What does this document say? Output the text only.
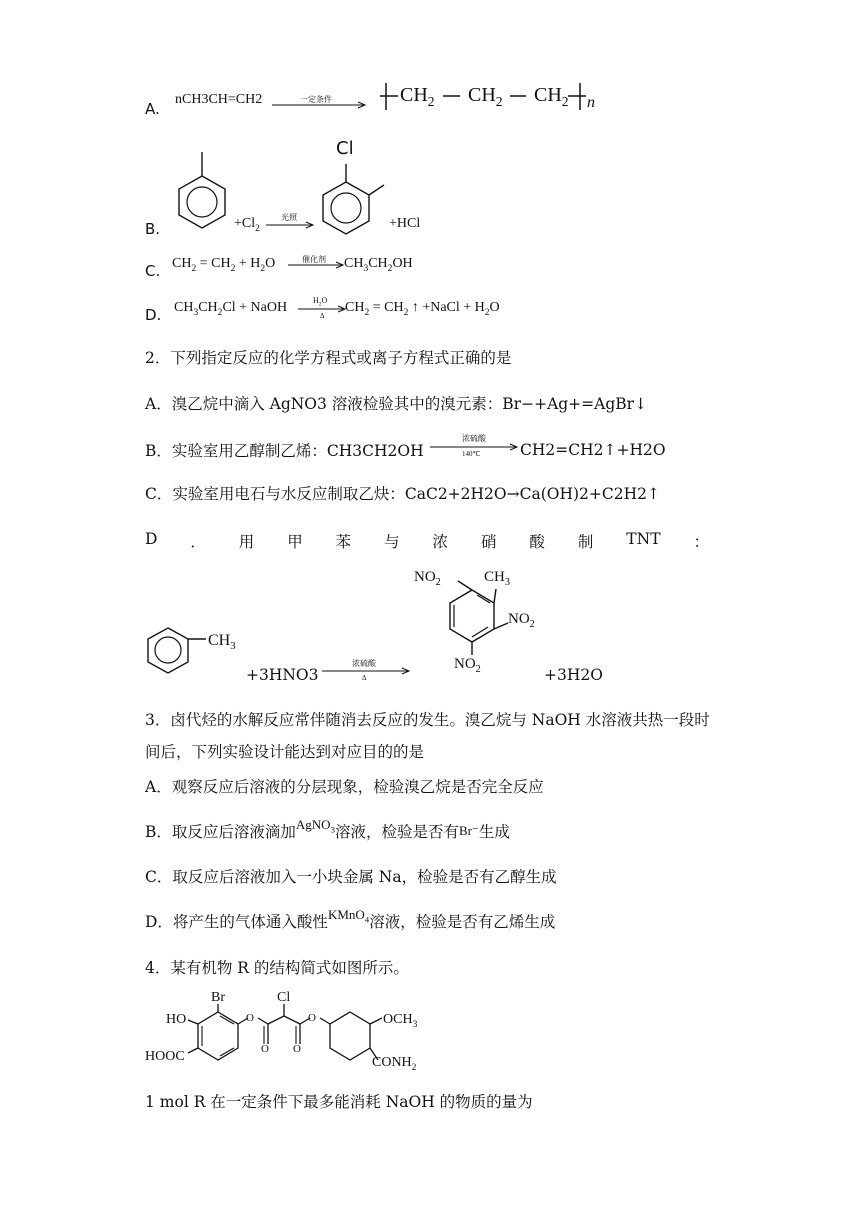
A.
nCH3CH=CH2	一定条件	$CH_2$ $CH_2$ $CH_2$ n
B.	$+Cl_2$
光照
Cl
+HCl
C. $CH_2 = CH_2 + H_2O$	催化剂 $CH_3CH_2OH$
D. $CH_3CH_2Cl$ + NaOH	$H_2O$
Δ
$CH_2 = CH_2$ ↑ +NaCl + $H_2O$
2．下列指定反应的化学方程式或离子方程式正确的是
A．溴乙烷中滴入 AgNO3 溶液检验其中的溴元素：Br−+Ag+=AgBr↓
B．实验室用乙醇制乙烯：CH3CH2OH
浓硫酸
140℃	CH2=CH2↑+H2O
C．实验室用电石与水反应制取乙炔：CaC2+2H2O→Ca(OH)2+C2H2↑
D ． 用 甲 苯 与 浓 硝 酸 制 TNT ：
$CH_3$
+3HNO3
浓硫酸
Δ
$NO_2$	$CH_3$
$NO_2$
$NO_2$	+3H2O
3．卤代烃的水解反应常伴随消去反应的发生。溴乙烷与 NaOH 水溶液共热一段时
间后，下列实验设计能达到对应目的的是
A．观察反应后溶液的分层现象，检验溴乙烷是否完全反应
B．取反应后溶液滴加$^{AgNO_3}$溶液，检验是否有Br⁻生成
C．取反应后溶液加入一小块金属 Na，检验是否有乙醇生成
D．将产生的气体通入酸性$^{KMnO_4}$溶液，检验是否有乙烯生成
4．某有机物 R 的结构简式如图所示。
Br	Cl
HO	O	O	$OCH_3$
HOOC	O O
$CONH_2$
1 mol R 在一定条件下最多能消耗 NaOH 的物质的量为
